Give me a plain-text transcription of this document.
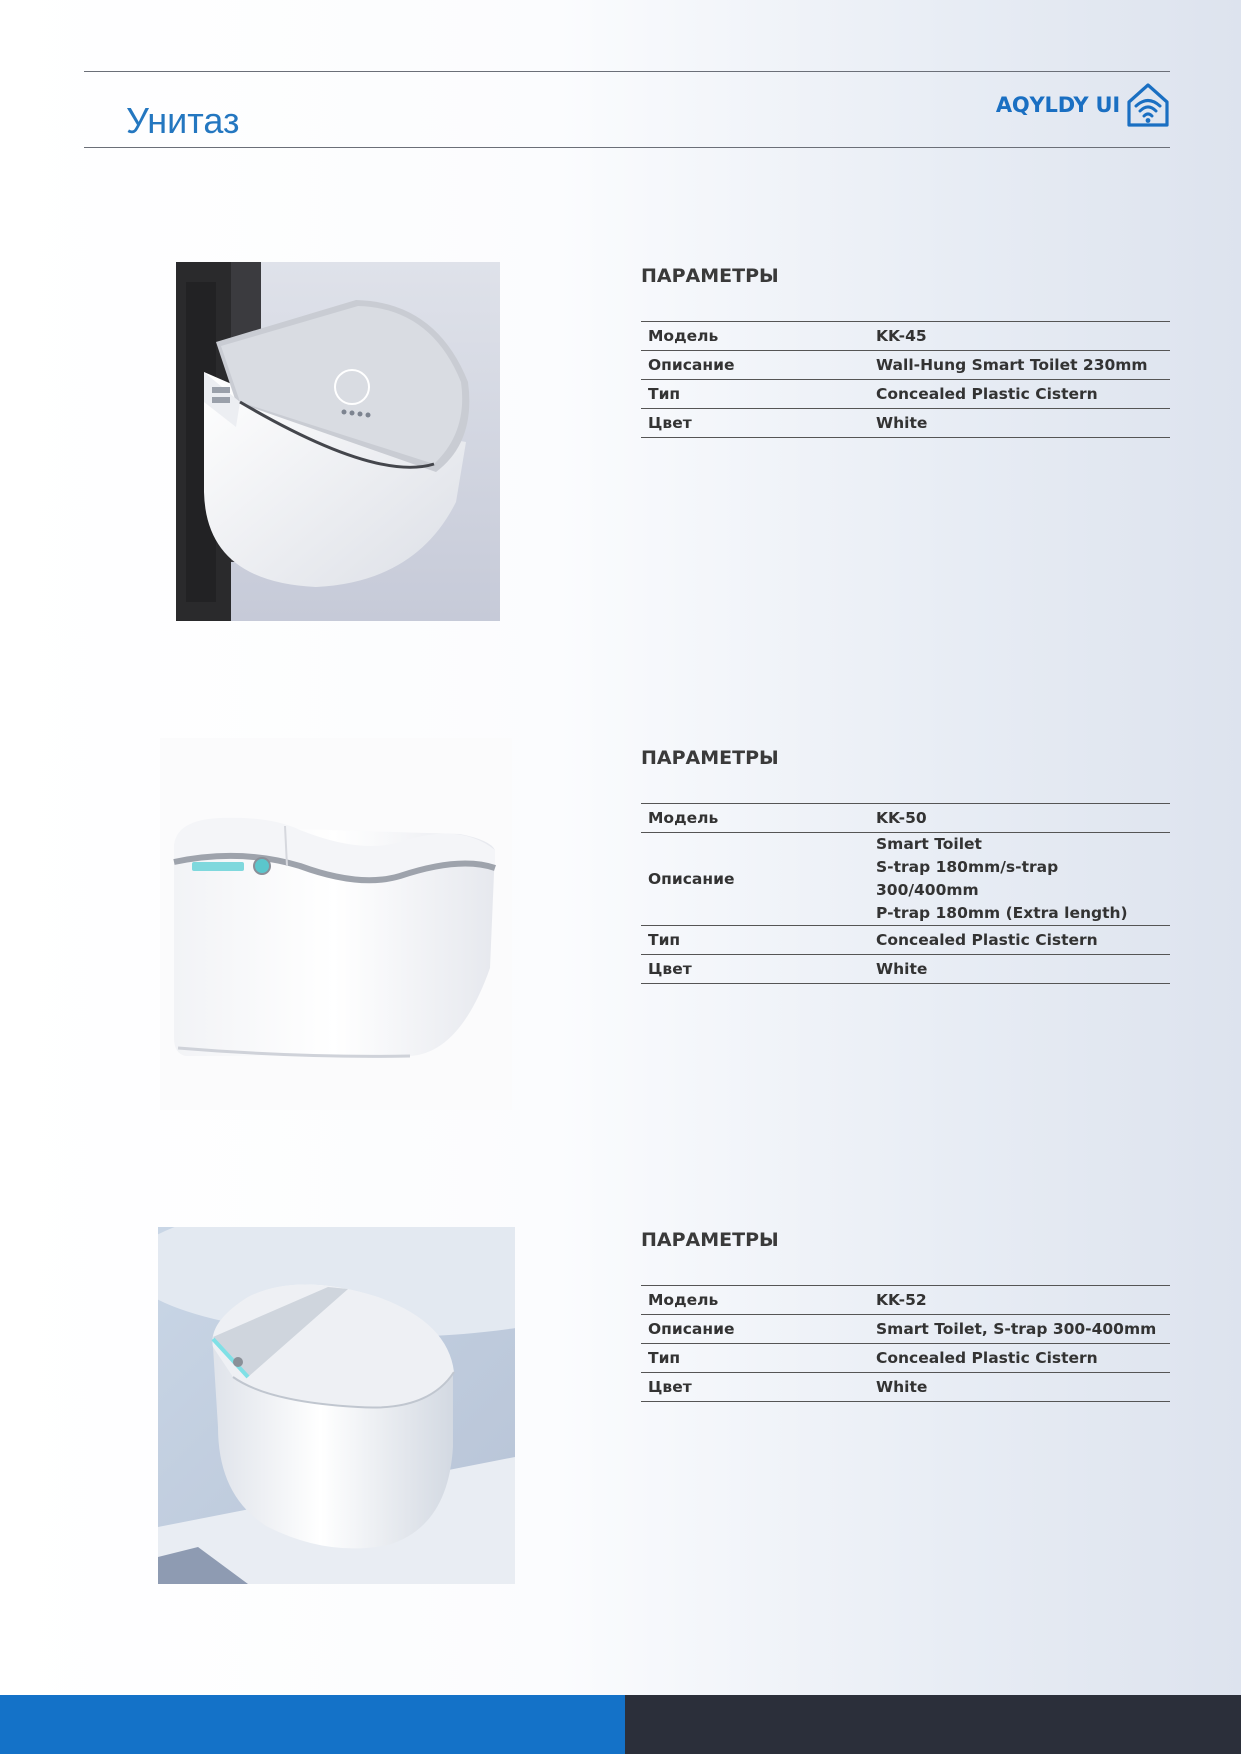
Унитаз	AQYLDY UI
ПАРАМЕТРЫ
Модель	KK-45
Описание	Wall-Hung Smart Toilet 230mm
Тип	Concealed Plastic Cistern
Цвет	White
ПАРАМЕТРЫ
Модель	KK-50
Описание	Smart Toilet
S-trap 180mm/s-trap 300/400mm
P-trap 180mm (Extra length)

Тип	Concealed Plastic Cistern
Цвет	White
ПАРАМЕТРЫ
Модель	KK-52
Описание	Smart Toilet, S-trap 300-400mm
Тип	Concealed Plastic Cistern
Цвет	White
